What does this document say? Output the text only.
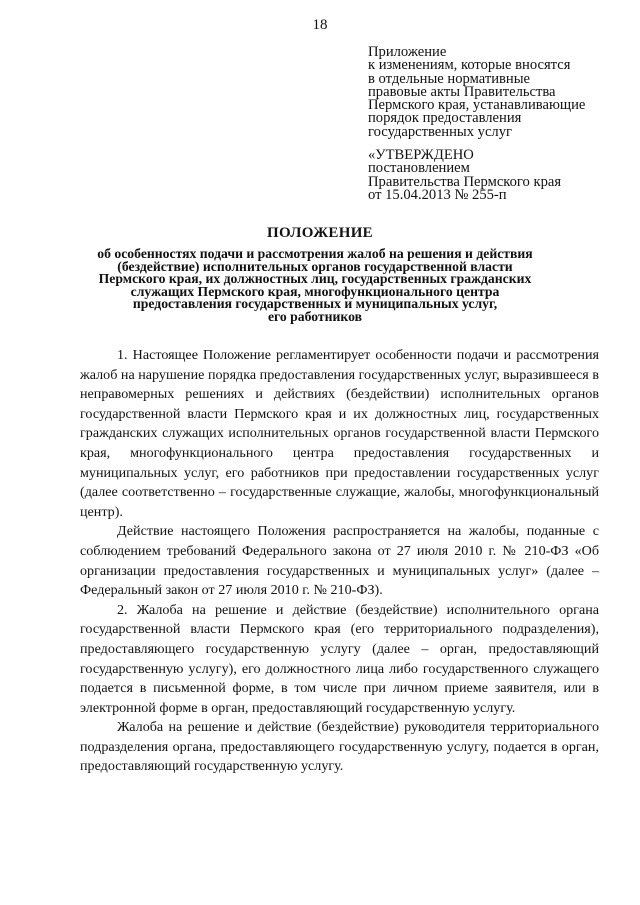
18
Приложение
к изменениям, которые вносятся
в отдельные нормативные
правовые акты Правительства
Пермского края, устанавливающие
порядок предоставления
государственных услуг
«УТВЕРЖДЕНО
постановлением
Правительства Пермского края
от 15.04.2013 № 255-п
ПОЛОЖЕНИЕ
об особенностях подачи и рассмотрения жалоб на решения и действия
(бездействие) исполнительных органов государственной власти
Пермского края, их должностных лиц, государственных гражданских
служащих Пермского края, многофункционального центра
предоставления государственных и муниципальных услуг,
его работников

1. Настоящее Положение регламентирует особенности подачи и рассмотрения жалоб на нарушение порядка предоставления государственных услуг, выразившееся в неправомерных решениях и действиях (бездействии) исполнительных органов государственной власти Пермского края и их должностных лиц, государственных гражданских служащих исполнительных органов государственной власти Пермского края, многофункционального центра предоставления государственных и муниципальных услуг, его работников при предоставлении государственных услуг (далее соответственно – государственные служащие, жалобы, многофункциональный центр).

Действие настоящего Положения распространяется на жалобы, поданные с соблюдением требований Федерального закона от 27 июля 2010 г. № 210-ФЗ «Об организации предоставления государственных и муниципальных услуг» (далее – Федеральный закон от 27 июля 2010 г. № 210-ФЗ).

2. Жалоба на решение и действие (бездействие) исполнительного органа государственной власти Пермского края (его территориального подразделения), предоставляющего государственную услугу (далее – орган, предоставляющий государственную услугу), его должностного лица либо государственного служащего подается в письменной форме, в том числе при личном приеме заявителя, или в электронной форме в орган, предоставляющий государственную услугу.

Жалоба на решение и действие (бездействие) руководителя территориального подразделения органа, предоставляющего государственную услугу, подается в орган, предоставляющий государственную услугу.
